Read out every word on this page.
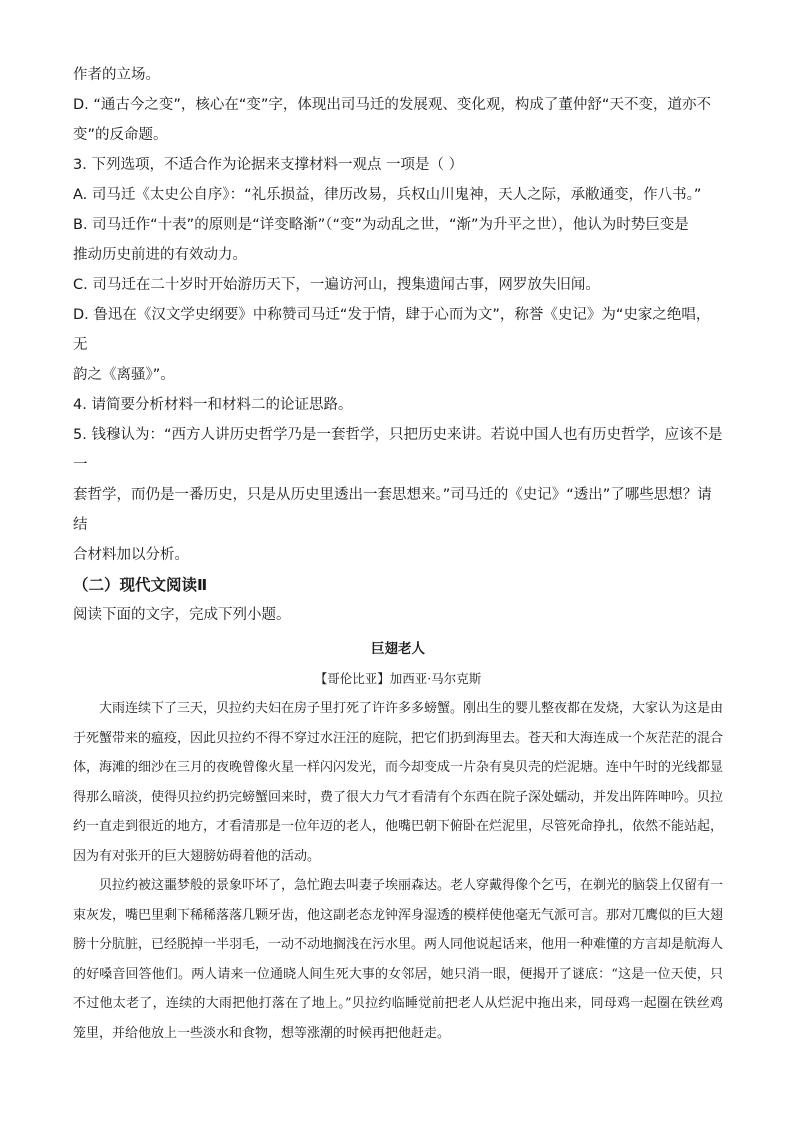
作者的立场。

D. “通古今之变”，核心在“变”字，体现出司马迁的发展观、变化观，构成了董仲舒“天不变，道亦不

变”的反命题。

3. 下列选项，不适合作为论据来支撑材料一观点 一项是（ ）

A. 司马迁《太史公自序》：“礼乐损益，律历改易，兵权山川鬼神，天人之际，承敝通变，作八书。”

B. 司马迁作“十表”的原则是“详变略渐”（“变”为动乱之世，“渐”为升平之世），他认为时势巨变是

推动历史前进的有效动力。

C. 司马迁在二十岁时开始游历天下，一遍访河山，搜集遗闻古事，网罗放失旧闻。

D. 鲁迅在《汉文学史纲要》中称赞司马迁“发于情，肆于心而为文”，称誉《史记》为“史家之绝唱，无

韵之《离骚》”。

4. 请简要分析材料一和材料二的论证思路。

5. 钱穆认为：“西方人讲历史哲学乃是一套哲学，只把历史来讲。若说中国人也有历史哲学，应该不是一

套哲学，而仍是一番历史，只是从历史里透出一套思想来。”司马迁的《史记》“透出”了哪些思想？请结

合材料加以分析。

（二）现代文阅读Ⅱ

阅读下面的文字，完成下列小题。

巨翅老人

【哥伦比亚】加西亚·马尔克斯

大雨连续下了三天，贝拉约夫妇在房子里打死了许许多多螃蟹。刚出生的婴儿整夜都在发烧，大家认为这是由于死蟹带来的瘟疫，因此贝拉约不得不穿过水汪汪的庭院，把它们扔到海里去。苍天和大海连成一个灰茫茫的混合体，海滩的细沙在三月的夜晚曾像火星一样闪闪发光，而今却变成一片杂有臭贝壳的烂泥塘。连中午时的光线都显得那么暗淡，使得贝拉约扔完螃蟹回来时，费了很大力气才看清有个东西在院子深处蠕动，并发出阵阵呻吟。贝拉约一直走到很近的地方，才看清那是一位年迈的老人，他嘴巴朝下俯卧在烂泥里，尽管死命挣扎，依然不能站起，因为有对张开的巨大翅膀妨碍着他的活动。

贝拉约被这噩梦般的景象吓坏了，急忙跑去叫妻子埃丽森达。老人穿戴得像个乞丐，在剃光的脑袋上仅留有一束灰发，嘴巴里剩下稀稀落落几颗牙齿，他这副老态龙钟浑身湿透的模样使他毫无气派可言。那对兀鹰似的巨大翅膀十分肮脏，已经脱掉一半羽毛，一动不动地搁浅在污水里。两人同他说起话来，他用一种难懂的方言却是航海人的好嗓音回答他们。两人请来一位通晓人间生死大事的女邻居，她只消一眼，便揭开了谜底：“这是一位天使，只不过他太老了，连续的大雨把他打落在了地上。”贝拉约临睡觉前把老人从烂泥中拖出来，同母鸡一起圈在铁丝鸡笼里，并给他放上一些淡水和食物，想等涨潮的时候再把他赶走。
